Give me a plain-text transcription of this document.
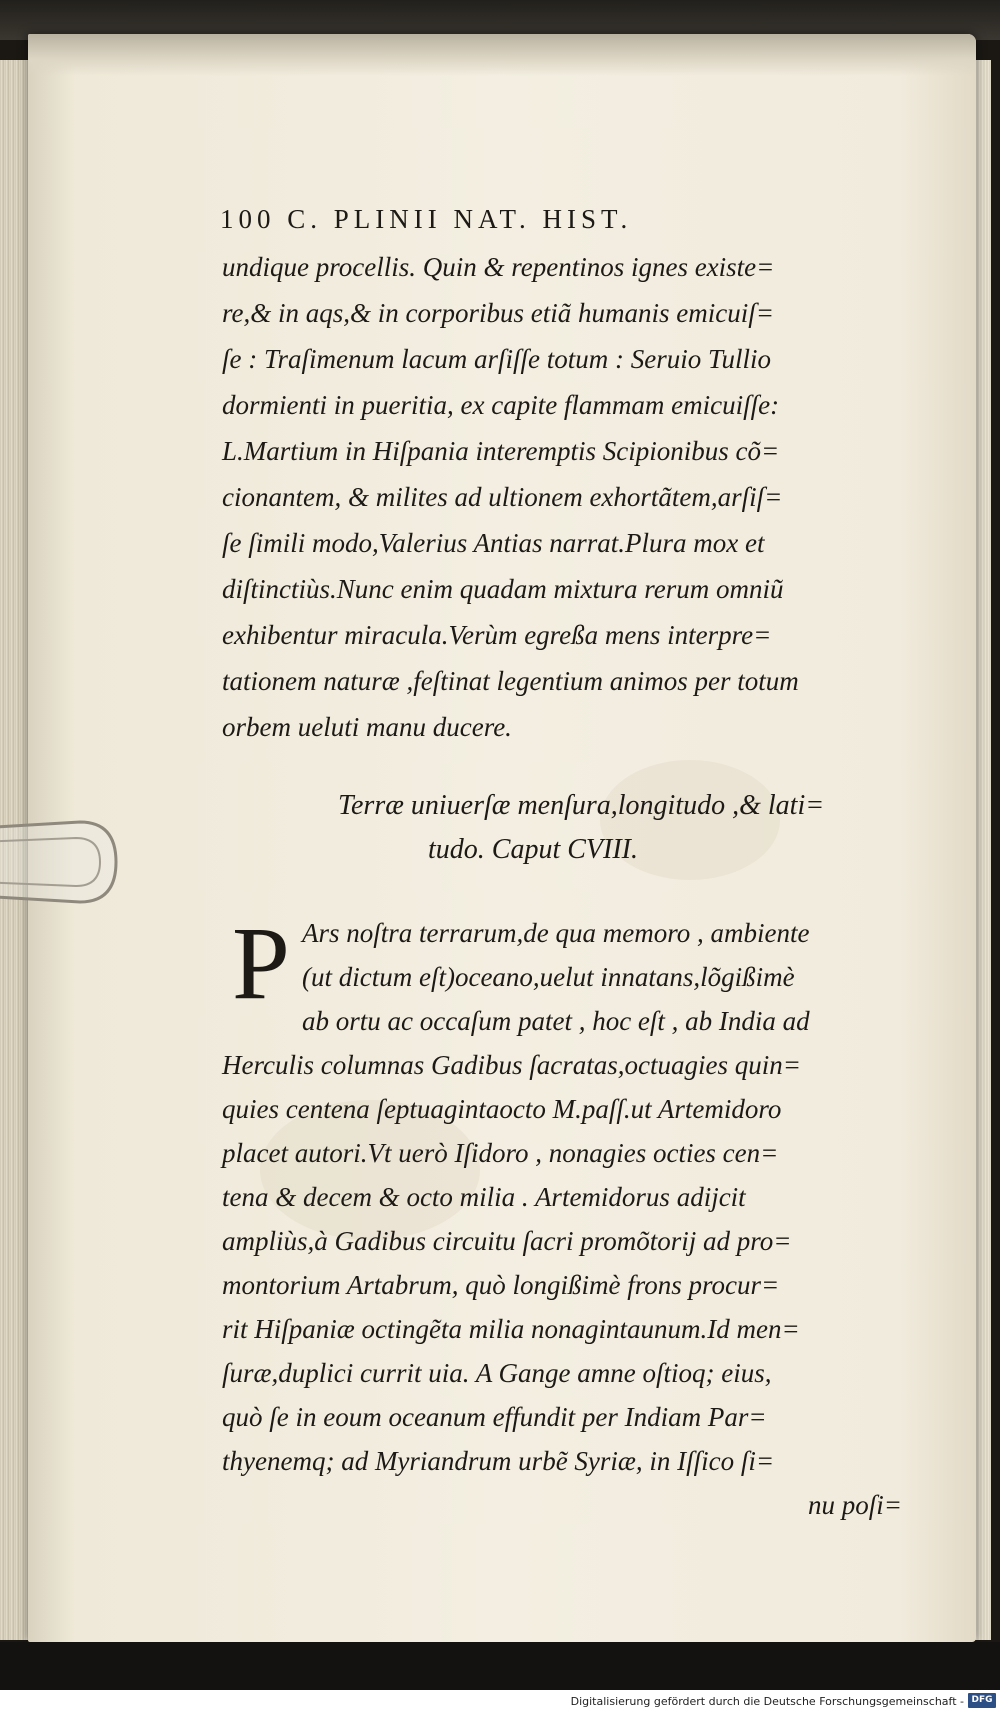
100 C. PLINII NAT. HIST.
undique procellis. Quin & repentinos ignes existe=
re,& in aqs,& in corporibus etiã humanis emicuiſ=
ſe : Traſimenum lacum arſiſſe totum : Seruio Tullio
dormienti in pueritia, ex capite flammam emicuiſſe:
L.Martium in Hiſpania interemptis Scipionibus cõ=
cionantem, & milites ad ultionem exhortãtem,arſiſ=
ſe ſimili modo,Valerius Antias narrat.Plura mox et
diſtinctiùs.Nunc enim quadam mixtura rerum omniũ
exhibentur miracula.Verùm egreßa mens interpre=
tationem naturæ ,feſtinat legentium animos per totum
orbem ueluti manu ducere.
Terræ uniuerſæ menſura,longitudo ,& lati=
tudo. Caput CVIII.
P Ars noſtra terrarum,de qua memoro , ambiente
(ut dictum eſt)oceano,uelut innatans,lõgißimè
ab ortu ac occaſum patet , hoc eſt , ab India ad
Herculis columnas Gadibus ſacratas,octuagies quin=
quies centena ſeptuagintaocto M.paſſ.ut Artemidoro
placet autori.Vt uerò Iſidoro , nonagies octies cen=
tena & decem & octo milia . Artemidorus adijcit
ampliùs,à Gadibus circuitu ſacri promõtorij ad pro=
montorium Artabrum, quò longißimè frons procur=
rit Hiſpaniæ octingẽta milia nonagintaunum.Id men=
ſuræ,duplici currit uia. A Gange amne oſtioq; eius,
quò ſe in eoum oceanum effundit per Indiam Par=
thyenemq; ad Myriandrum urbẽ Syriæ, in Iſſico ſi=
nu poſi=
Digitalisierung gefördert durch die Deutsche Forschungsgemeinschaft - DFG
